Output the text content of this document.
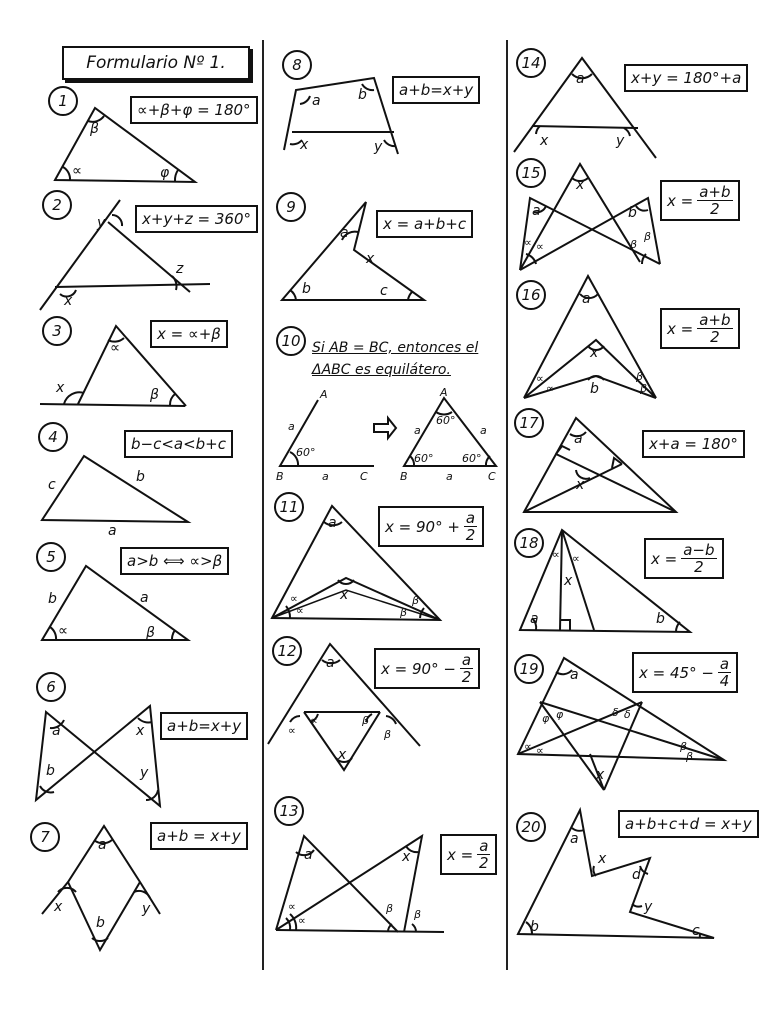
Formulario Nº 1.
1	∝+β+φ = 180°
β
∝	φ
2
x+y+z = 360°
y
z
x
3	x = ∝+β
∝
x	β
4	b−c<a<b+c
c	b
a
5	a>b ⟺ ∝>β
b	a
∝	β
6
a+b=x+y
a	x
b	y
7	a+b = x+y
a
x	y
b
8
a+b=x+y
a	b
x	y
9
x = a+b+c
a
x
b	c
10 Si AB = BC, entonces el
ΔABC es equilátero.
A
a
60°
B	a	C
A
60°
a	a
60°	60°
B	a	C
11
$x = 90^\circ + \frac{a}{2}$
a
x
∝
∝
β
β
12
$x = 90^\circ - \frac{a}{2}$
a
x
∝
∝	β
β
13
$x = \frac{a}{2}$
a	x
∝
∝
β β
14
x+y = 180°+a
a
x	y
15
$x = \frac{a+b}{2}$
x
a	b
∝ ∝	β
β
16
$x = \frac{a+b}{2}$
a
x
b
∝
∝
β
β
17
x+a = 180°
a
x
18
$x = \frac{a-b}{2}$
a	b
x
∝ ∝
19	$x = 45^\circ - \frac{a}{4}$
a
φ φ	δ δ
∝ ∝	β
β
x
20	a+b+c+d = x+y
a
x
d
y
b	c
